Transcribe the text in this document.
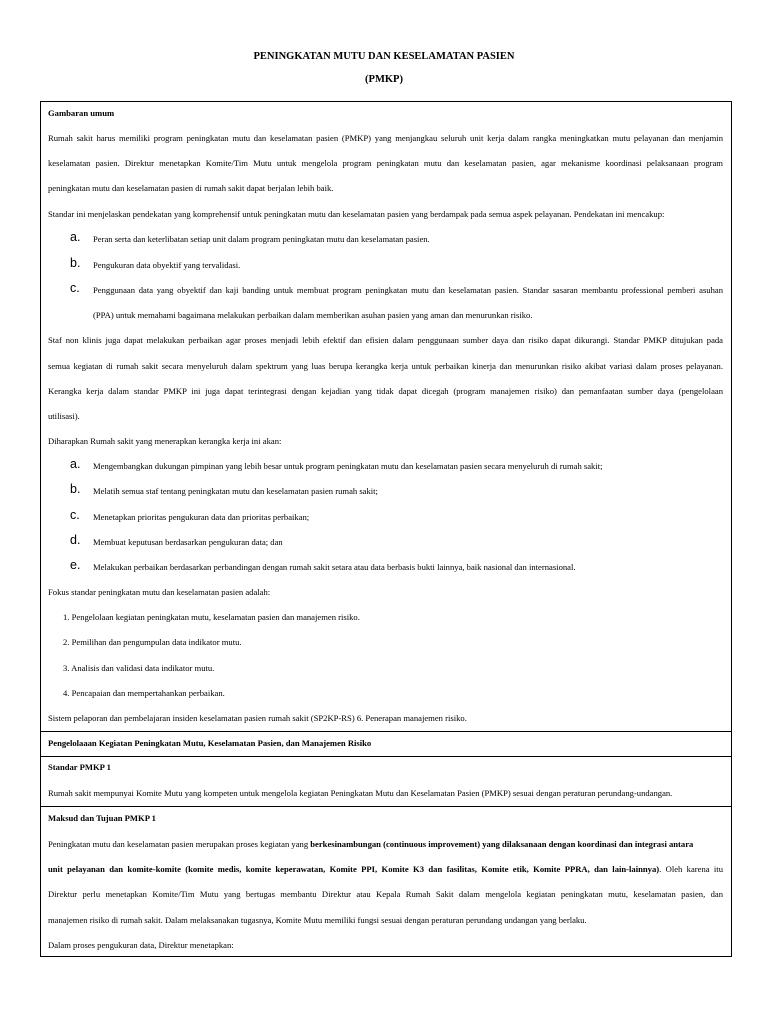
PENINGKATAN MUTU DAN KESELAMATAN PASIEN
(PMKP)
Gambaran umum
Rumah sakit harus memiliki program peningkatan mutu dan keselamatan pasien (PMKP) yang menjangkau seluruh unit kerja dalam rangka meningkatkan mutu pelayanan dan menjamin
keselamatan pasien. Direktur menetapkan Komite/Tim Mutu untuk mengelola program peningkatan mutu dan keselamatan pasien, agar mekanisme koordinasi pelaksanaan program
peningkatan mutu dan keselamatan pasien di rumah sakit dapat berjalan lebih baik.
Standar ini menjelaskan pendekatan yang komprehensif untuk peningkatan mutu dan keselamatan pasien yang berdampak pada semua aspek pelayanan. Pendekatan ini mencakup:
a. Peran serta dan keterlibatan setiap unit dalam program peningkatan mutu dan keselamatan pasien.
b. Pengukuran data obyektif yang tervalidasi.
c. Penggunaan data yang obyektif dan kaji banding untuk membuat program peningkatan mutu dan keselamatan pasien. Standar sasaran membantu professional pemberi asuhan
(PPA) untuk memahami bagaimana melakukan perbaikan dalam memberikan asuhan pasien yang aman dan menurunkan risiko.
Staf non klinis juga dapat melakukan perbaikan agar proses menjadi lebih efektif dan efisien dalam penggunaan sumber daya dan risiko dapat dikurangi. Standar PMKP ditujukan pada
semua kegiatan di rumah sakit secara menyeluruh dalam spektrum yang luas berupa kerangka kerja untuk perbaikan kinerja dan menurunkan risiko akibat variasi dalam proses pelayanan.
Kerangka kerja dalam standar PMKP ini juga dapat terintegrasi dengan kejadian yang tidak dapat dicegah (program manajemen risiko) dan pemanfaatan sumber daya (pengelolaan
utilisasi).
Diharapkan Rumah sakit yang menerapkan kerangka kerja ini akan:
a. Mengembangkan dukungan pimpinan yang lebih besar untuk program peningkatan mutu dan keselamatan pasien secara menyeluruh di rumah sakit;
b. Melatih semua staf tentang peningkatan mutu dan keselamatan pasien rumah sakit;
c. Menetapkan prioritas pengukuran data dan prioritas perbaikan;
d. Membuat keputusan berdasarkan pengukuran data; dan
e. Melakukan perbaikan berdasarkan perbandingan dengan rumah sakit setara atau data berbasis bukti lainnya, baik nasional dan internasional.
Fokus standar peningkatan mutu dan keselamatan pasien adalah:
1. Pengelolaan kegiatan peningkatan mutu, keselamatan pasien dan manajemen risiko.
2. Pemilihan dan pengumpulan data indikator mutu.
3. Analisis dan validasi data indikator mutu.
4. Pencapaian dan mempertahankan perbaikan.
Sistem pelaporan dan pembelajaran insiden keselamatan pasien rumah sakit (SP2KP-RS) 6. Penerapan manajemen risiko.
Pengelolaaan Kegiatan Peningkatan Mutu, Keselamatan Pasien, dan Manajemen Risiko
Standar PMKP 1
Rumah sakit mempunyai Komite Mutu yang kompeten untuk mengelola kegiatan Peningkatan Mutu dan Keselamatan Pasien (PMKP) sesuai dengan peraturan perundang-undangan.
Maksud dan Tujuan PMKP 1
Peningkatan mutu dan keselamatan pasien merupakan proses kegiatan yang berkesinambungan (continuous improvement) yang dilaksanaan dengan koordinasi dan integrasi antara
unit pelayanan dan komite-komite (komite medis, komite keperawatan, Komite PPI, Komite K3 dan fasilitas, Komite etik, Komite PPRA, dan lain-lainnya). Oleh karena itu
Direktur perlu menetapkan Komite/Tim Mutu yang bertugas membantu Direktur atau Kepala Rumah Sakit dalam mengelola kegiatan peningkatan mutu, keselamatan pasien, dan
manajemen risiko di rumah sakit. Dalam melaksanakan tugasnya, Komite Mutu memiliki fungsi sesuai dengan peraturan perundang undangan yang berlaku.
Dalam proses pengukuran data, Direktur menetapkan:
